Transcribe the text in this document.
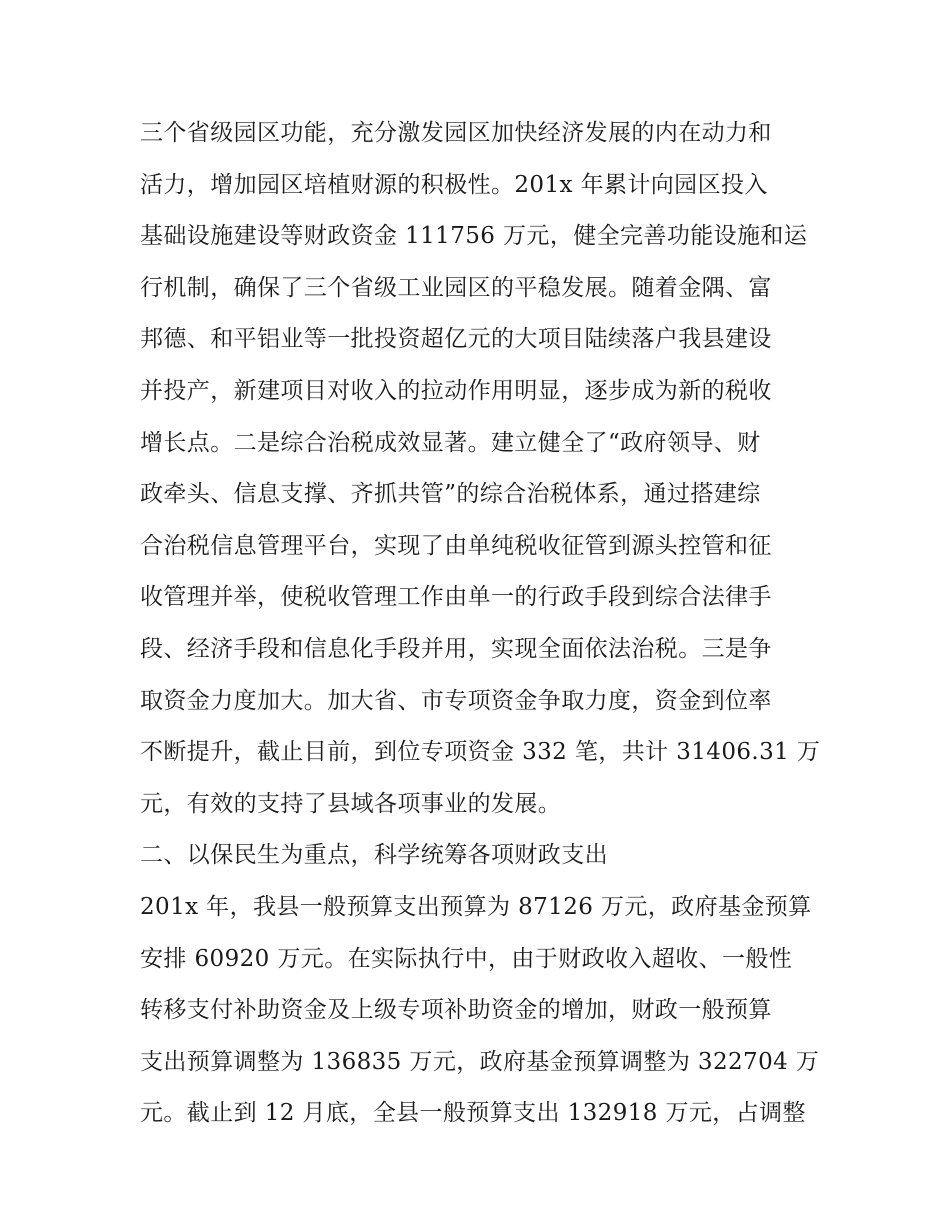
三个省级园区功能，充分激发园区加快经济发展的内在动力和
活力，增加园区培植财源的积极性。201x 年累计向园区投入
基础设施建设等财政资金 111756 万元，健全完善功能设施和运
行机制，确保了三个省级工业园区的平稳发展。随着金隅、富
邦德、和平铝业等一批投资超亿元的大项目陆续落户我县建设
并投产，新建项目对收入的拉动作用明显，逐步成为新的税收
增长点。二是综合治税成效显著。建立健全了“政府领导、财
政牵头、信息支撑、齐抓共管”的综合治税体系，通过搭建综
合治税信息管理平台，实现了由单纯税收征管到源头控管和征
收管理并举，使税收管理工作由单一的行政手段到综合法律手
段、经济手段和信息化手段并用，实现全面依法治税。三是争
取资金力度加大。加大省、市专项资金争取力度，资金到位率
不断提升，截止目前，到位专项资金 332 笔，共计 31406.31 万
元，有效的支持了县域各项事业的发展。
二、以保民生为重点，科学统筹各项财政支出
201x 年，我县一般预算支出预算为 87126 万元，政府基金预算
安排 60920 万元。在实际执行中，由于财政收入超收、一般性
转移支付补助资金及上级专项补助资金的增加，财政一般预算
支出预算调整为 136835 万元，政府基金预算调整为 322704 万
元。截止到 12 月底，全县一般预算支出 132918 万元，占调整
